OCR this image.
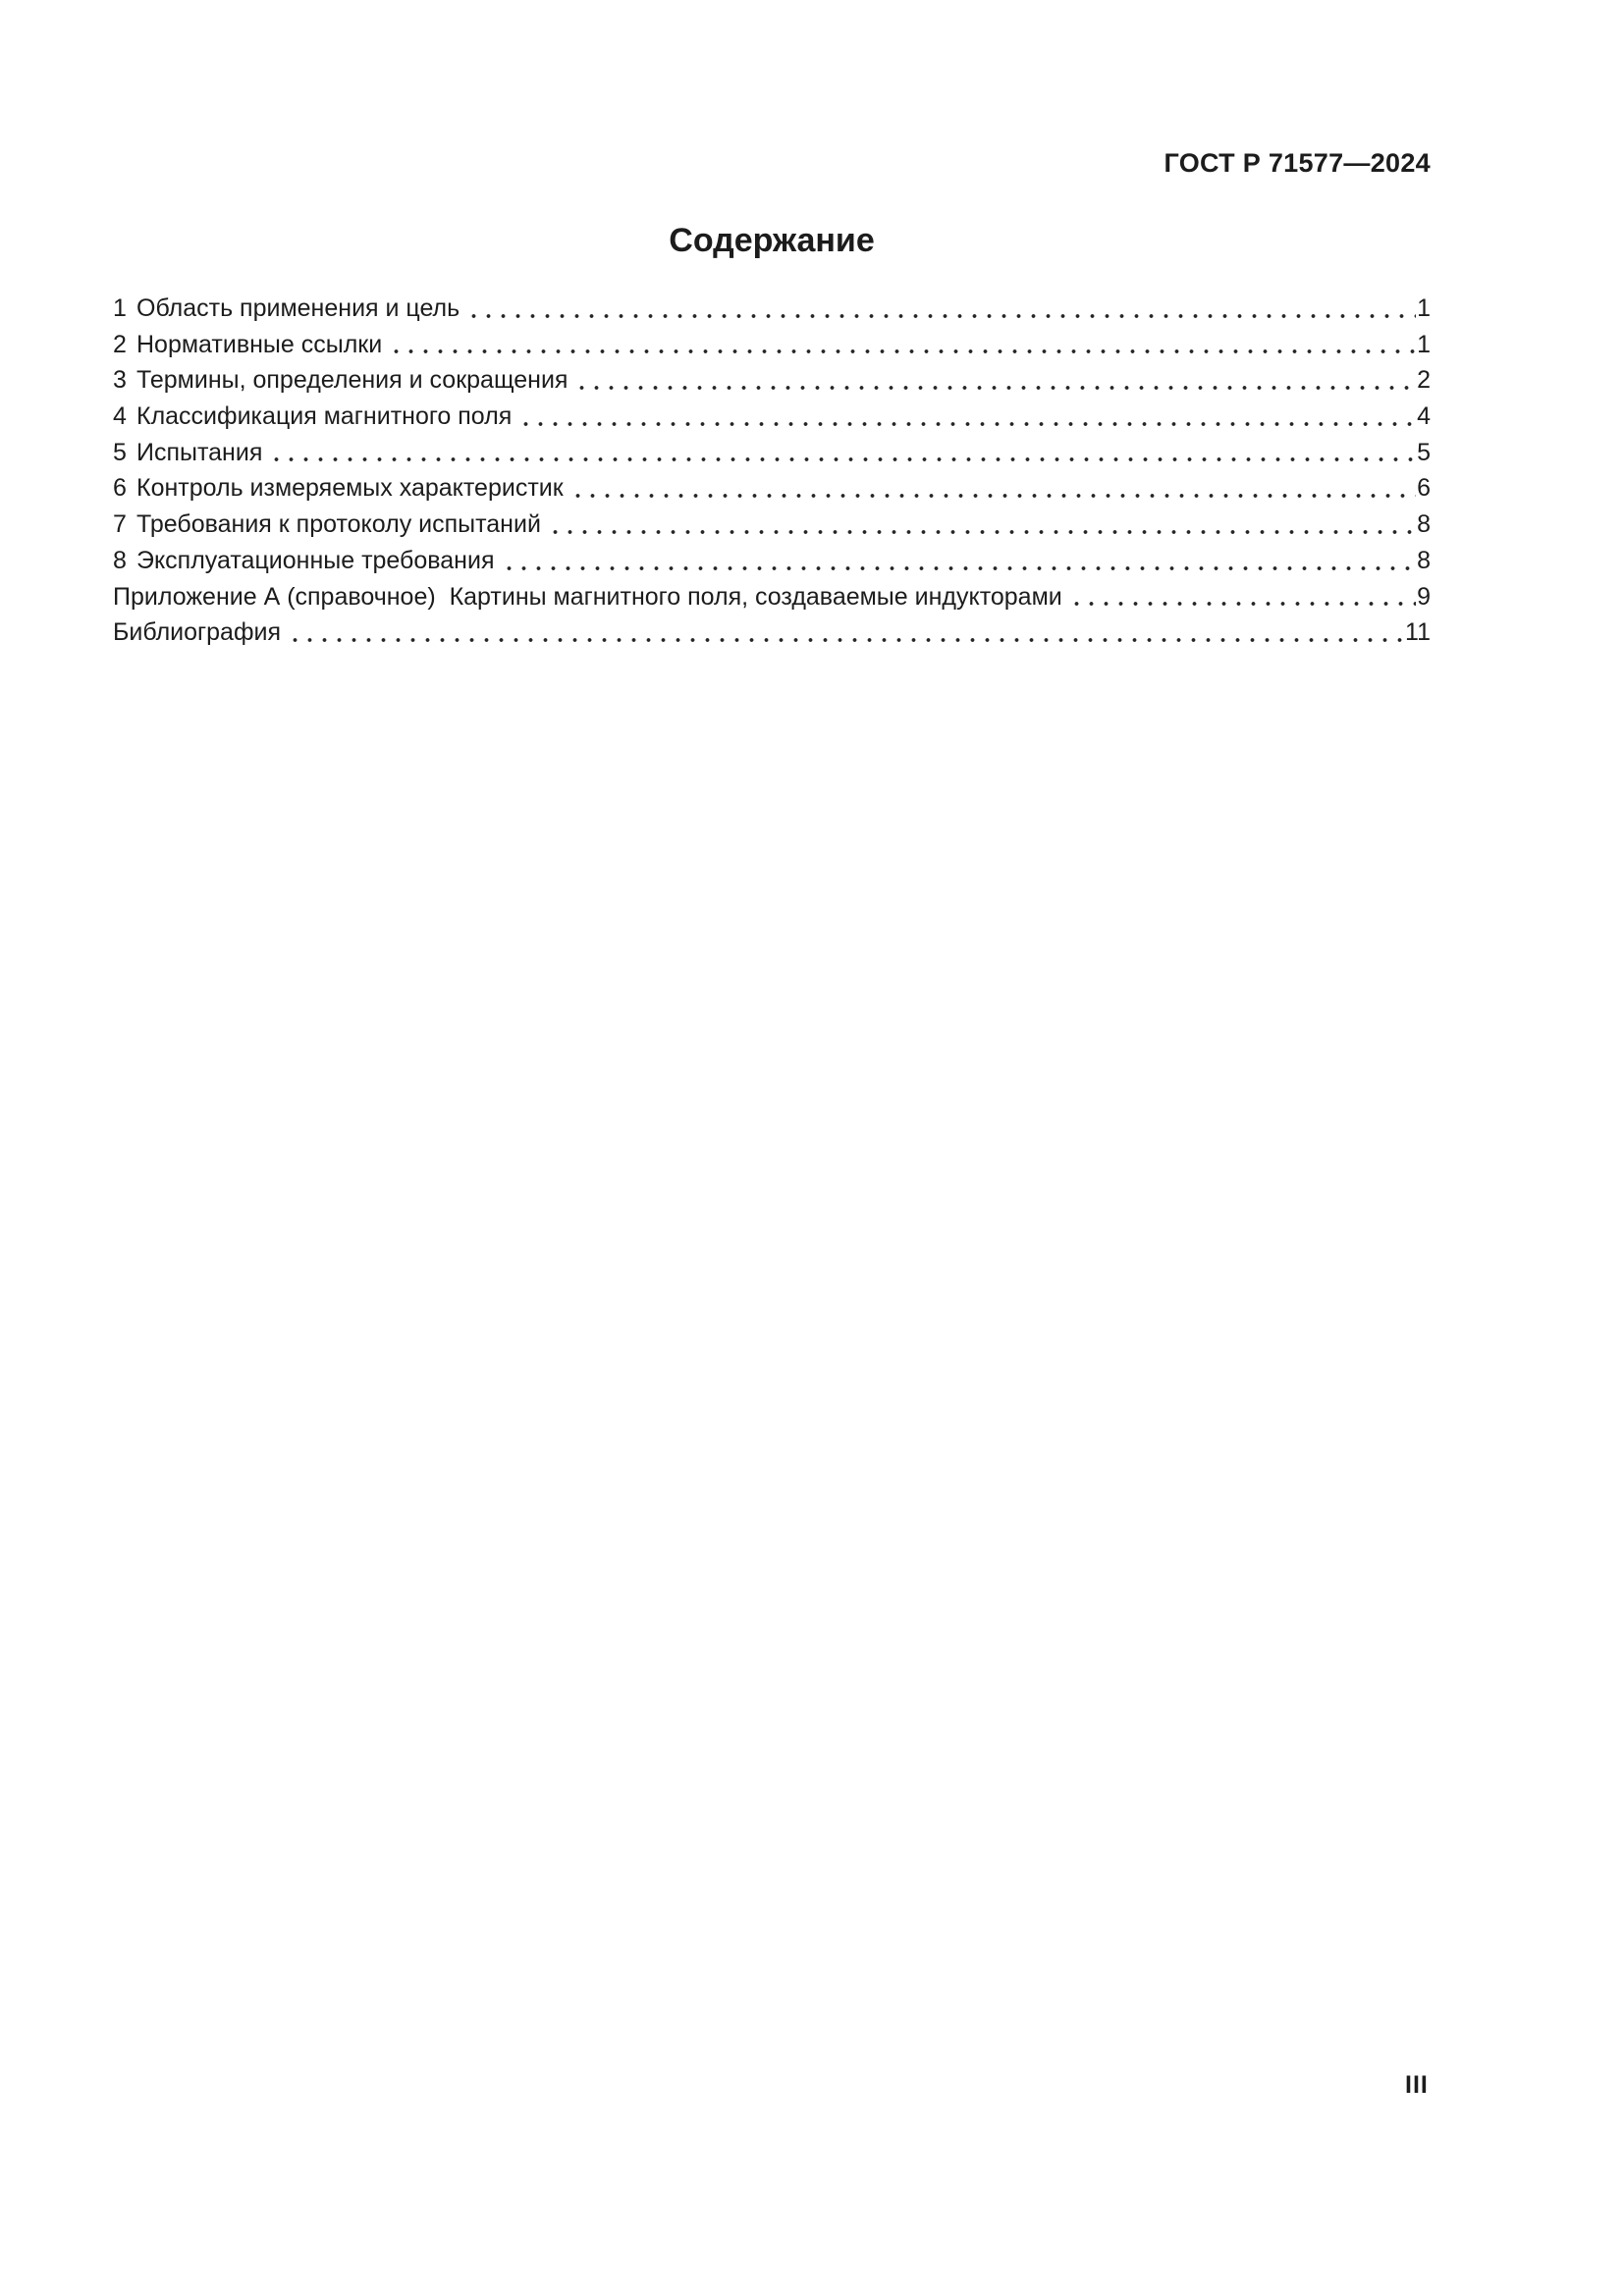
ГОСТ Р 71577—2024
Содержание
1 Область применения и цель	1
2 Нормативные ссылки	1
3 Термины, определения и сокращения	2
4 Классификация магнитного поля	4
5 Испытания	5
6 Контроль измеряемых характеристик	6
7 Требования к протоколу испытаний	8
8 Эксплуатационные требования	8
Приложение А (справочное)  Картины магнитного поля, создаваемые индукторами	9
Библиография	11
III
